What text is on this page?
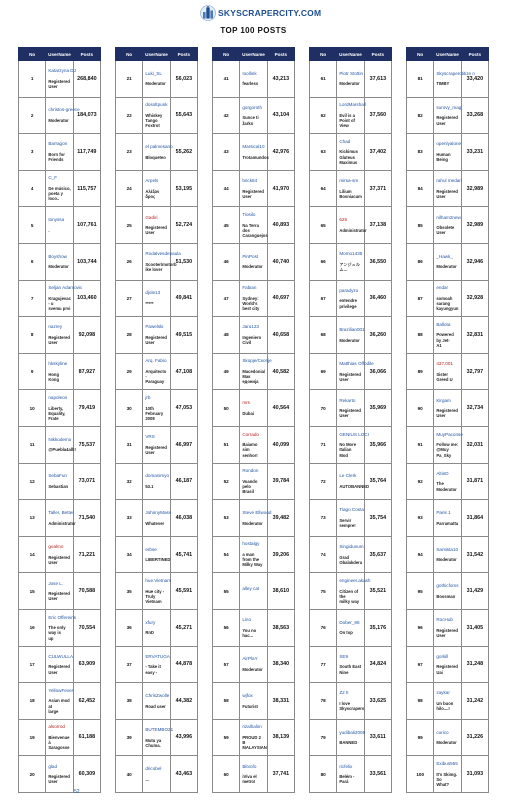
SKYSCRAPERCITY.COM
TOP 100 POSTS
No	UserName	Posts
1	Katarzyna DJ
Registered User	268,840
2	christos-greece
Moderator	184,073
3	Barragon
Born for
Friends	117,749
4	C_F
De músico,
poeta y loco..	115,757
5	tonyssa
.	107,761
6	Boyshow
Moderator	103,744
7	Seljan Adamovic
Kragujevac - u
svemu prvi	103,460
8	nazrey
Registered User	92,098
9	hkskyline
Hong Kong	87,927
10	napoleon
Liberty,
Equality, Frate	79,419
11	Nikkodemo
@Puebla4all!!	75,537
12	SebaFun
Sebastian	73,071
13	Taller, Better
Administrator	71,540
14	goalmo
Registered User	71,221
15	Jose L.
Registered User	70,588
16	Eric Offereins
The only way is
up	70,554
17	CULWULLA
Registered User	63,909
18	YellowFever
Asian mod at
large	62,452
19	alsorrod
Bienvenue à
Saragosse	61,188
20	glad
Registered User	60,309
No	UserName	Posts
21	Luki_SL
Moderator	56,023
22	dosoltpunk
Whiskey Tango
Foxtrot	55,643
23	el palmesano
Bloqueteo	55,262
24	Arpels
Αλέξαν δρος	53,195
25	Gadiri
Registered User	52,724
26	Rodalvesdepaula
Scooter/motorb
ike lover	51,530
27	djole13
*****	49,841
28	Pawelski
Registered User	49,515
29	Arq. Fabio
Arquitecto -
Paraguay	47,108
30	jrb
10th February
2008	47,053
31	VRS
Registered User	46,997
32	domanimyo
53.1	46,187
33	JohnnyMass
Whatever	46,038
34	erbse
LIBERTINED	45,741
35	hue.Vietnam
Hue city - Truly
Vietnam	45,591
36	xfury
RnD	45,271
37	ERVATUGA
- Take it easy -	44,878
38	ChrisZwolle
Road user	44,382
39	BUTEMBO21
Mutu ya Chuma.	43,996
40	dricobel
...	43,463
No	UserName	Posts
41	Ioollink
fearless	43,213
42	gorgoroth
Sunce ti žarko	43,104
43	Marsical10
Trotamundos	42,976
44	brick84
Registered User	41,970
45	Tiosilo
Na Terra dos
Caranguejos	40,893
46	PinPost
Moderator	40,740
47	Fabian
Sydney: World's
best city	40,697
48	Jaru123
Ingeniero Civil	40,658
49	Skopje/Скопје
Macedonia/Мак
едонија	40,582
50	mrs
Dubai	40,564
51	Corrado
Baiamo sim
senhor!	40,099
52	Rondon
Voando pelo
Brasil	39,784
53	Steve Ellwood
Moderator	39,482
54	hostalgy
a man from the
Milky Way	39,206
55	alley cat	38,610
56	Lino
You no hac...	38,563
57	AirPlaY
Moderator	38,340
58	wjfox
Futurist	38,331
59	rizalhalim
PROUD 2 B
MALAYSIAN	38,139
60	Bitvofo
iViva el metro!	37,741
No	UserName	Posts
61	Piotr Stottin
Moderator	37,613
62	LordMarshall
Evil is a Point of
View	37,560
63	Chad
Kickimus
Gluteus
Maximus	37,402
64	mirsa-sm
Lilium
Bosniacum	37,371
65	625
Administrator	37,138
66	Momo1435
アンジュルム…	36,550
67	paradyzo
entendre
privilege	36,460
68	Brazilian001
Moderator	36,260
69	Matthias Offodile
Registered User	36,066
70	Rekarto
Registered User	35,969
71	GENIUS LOCI
No More Italian
Mod	35,966
72	Le Clerk
AUTOBANNED	35,764
73	Tiago Costa
Servir sempre!	35,754
74	Singidunum
Grad
Obalakdera	35,637
75	engineer.akash
Citizen of the
milky way	35,521
76	Dober_86
On top	35,176
77	SE9
South East Nine	34,824
78	Z2 II
I love
Skyscrapers	33,625
79	yudibali2008
BANNED	33,611
80	ricfelix
Belém - Pará	33,561
No	UserName	Posts
81	Skyscraperctitize n
TIMBY	33,420
82	surovy_mag
Registered User	33,268
83	openlyalone
Human Being	33,231
84	rahul medan
Registered User	32,989
85	nilham2new
Obsolete User	32,989
86	_Hawk_
Moderator	32,946
87	endar
somoah sarang
kayungyun	32,928
88	Ballota
Powered by Jet-
A1	32,831
89	437,001
Sister Greed U	32,797
90	Kirgam
Registered User	32,734
91	MuyPaconse
Follow me:
@Muy Pa_Sky	32,031
92	AltinD
The Moderator	31,871
93	Paris 1
Parramatta	31,864
94	Santista10
Moderator	31,542
95	gothicfoms
Bossman	31,429
96	RocHub
Registered User	31,405
97	gorkill
Registered Uai	31,248
98	zaykar
Un buon hilo....!	31,242
99	curico
Moderator	31,226
100	Exibus555
It's Skimg. So
What?	31,093
52
